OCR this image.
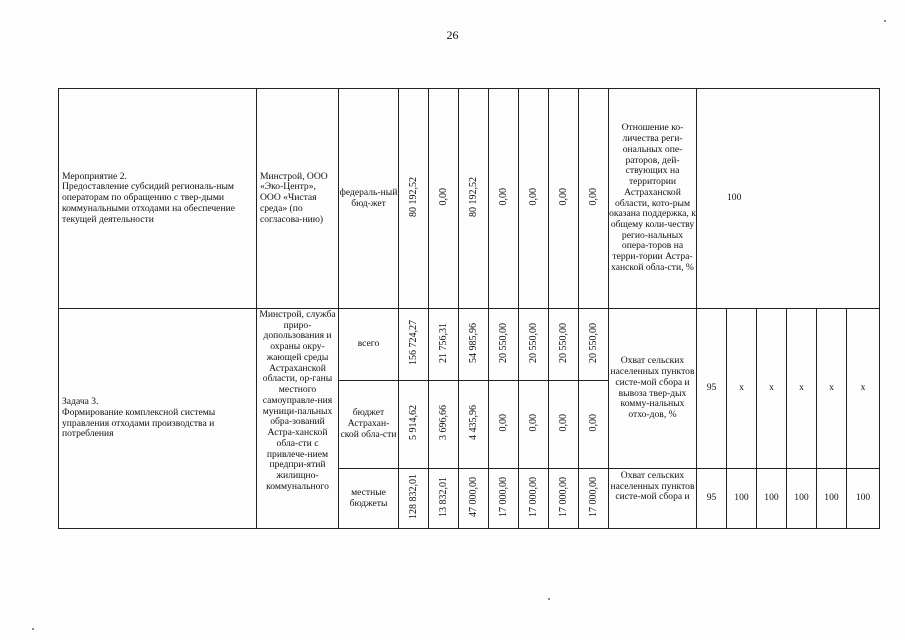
26
Мероприятие 2.
Предоставление субсидий региональ-ным операторам по обращению с твер-дыми коммунальными отходами на обеспечение текущей деятельности	Минстрой, ООО «Эко-Центр», ООО «Чистая среда» (по согласова-нию)	федераль-ный бюд-жет	80 192,52	0,00	80 192,52	0,00	0,00	0,00	0,00	Отношение ко-личества реги-ональных опе-раторов, дей-ствующих на территории Астраханской области, кото-рым оказана поддержка, к общему коли-честву регио-нальных опера-торов на терри-тории Астра-ханской обла-сти, %	100					
Задача 3.
Формирование комплексной системы управления отходами производства и потребления	Минстрой, служба приро-допользования и охраны окру-жающей среды Астраханской области, ор-ганы местного самоуправле-ния муници-пальных обра-зований Астра-ханской обла-сти с привлече-нием предпри-ятий жилищно-коммунального	всего	156 724,27	21 756,31	54 985,96	20 550,00	20 550,00	20 550,00	20 550,00	Охват сельских населенных пунктов систе-мой сбора и вывоза твер-дых комму-нальных отхо-дов, %	95	х	х	х	х	х
		бюджет Астрахан-ской обла-сти	5 914,62	3 696,66	4 435,96	0,00	0,00	0,00	0,00							
		местные бюджеты	128 832,01	13 832,01	47 000,00	17 000,00	17 000,00	17 000,00	17 000,00	Охват сельских населенных пунктов систе-мой сбора и	95	100	100	100	100	100
